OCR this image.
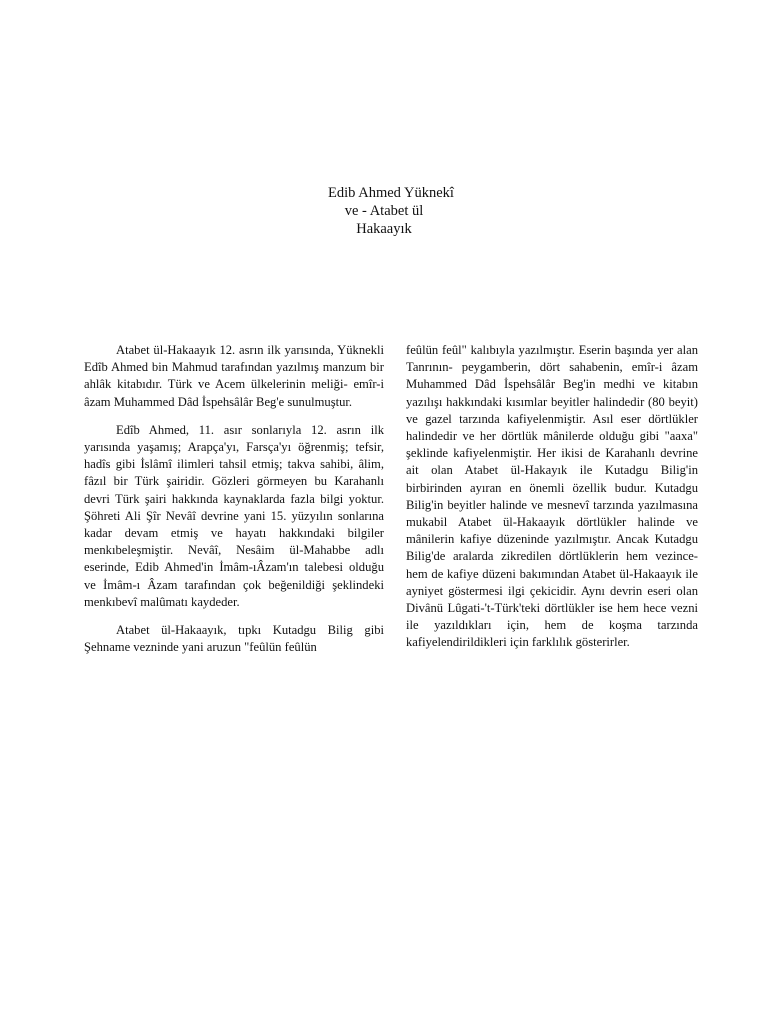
Edib Ahmed Yüknekî
ve - Atabet ül
Hakaayık

Atabet ül-Hakaayık 12. asrın ilk yarısında, Yüknekli Edîb Ahmed bin Mahmud tarafından yazılmış manzum bir ahlâk kitabıdır. Türk ve Acem ülkelerinin meliği- emîr-i âzam Muhammed Dâd İspehsâlâr Beg'e sunulmuştur.

Edîb Ahmed, 11. asır sonlarıyla 12. asrın ilk yarısında yaşamış; Arapça'yı, Farsça'yı öğrenmiş; tefsir, hadîs gibi İslâmî ilimleri tahsil etmiş; takva sahibi, âlim, fâzıl bir Türk şairidir. Gözleri görmeyen bu Karahanlı devri Türk şairi hakkında kaynaklarda fazla bilgi yoktur. Şöhreti Ali Şîr Nevâî devrine yani 15. yüzyılın sonlarına kadar devam etmiş ve hayatı hakkındaki bilgiler menkıbeleşmiştir. Nevâî, Nesâim ül-Mahabbe adlı eserinde, Edib Ahmed'in İmâm-ıÂzam'ın talebesi olduğu ve İmâm-ı Âzam tarafından çok beğenildiği şeklindeki menkıbevî malûmatı kaydeder.

Atabet ül-Hakaayık, tıpkı Kutadgu Bilig gibi Şehname vezninde yani aruzun "feûlün feûlün

feûlün feûl" kalıbıyla yazılmıştır. Eserin başında yer alan Tanrının- peygamberin, dört sahabenin, emîr-i âzam Muhammed Dâd İspehsâlâr Beg'in medhi ve kitabın yazılışı hakkındaki kısımlar beyitler halindedir (80 beyit) ve gazel tarzında kafiyelenmiştir. Asıl eser dörtlükler halindedir ve her dörtlük mânilerde olduğu gibi "aaxa" şeklinde kafiyelenmiştir. Her ikisi de Karahanlı devrine ait olan Atabet ül-Hakayık ile Kutadgu Bilig'in birbirinden ayıran en önemli özellik budur. Kutadgu Bilig'in beyitler halinde ve mesnevî tarzında yazılmasına mukabil Atabet ül-Hakaayık dörtlükler halinde ve mânilerin kafiye düzeninde yazılmıştır. Ancak Kutadgu Bilig'de aralarda zikredilen dörtlüklerin hem vezince- hem de kafiye düzeni bakımından Atabet ül-Hakaayık ile ayniyet göstermesi ilgi çekicidir. Aynı devrin eseri olan Divânü Lûgati-'t-Türk'teki dörtlükler ise hem hece vezni ile yazıldıkları için, hem de koşma tarzında kafiyelendirildikleri için farklılık gösterirler.
